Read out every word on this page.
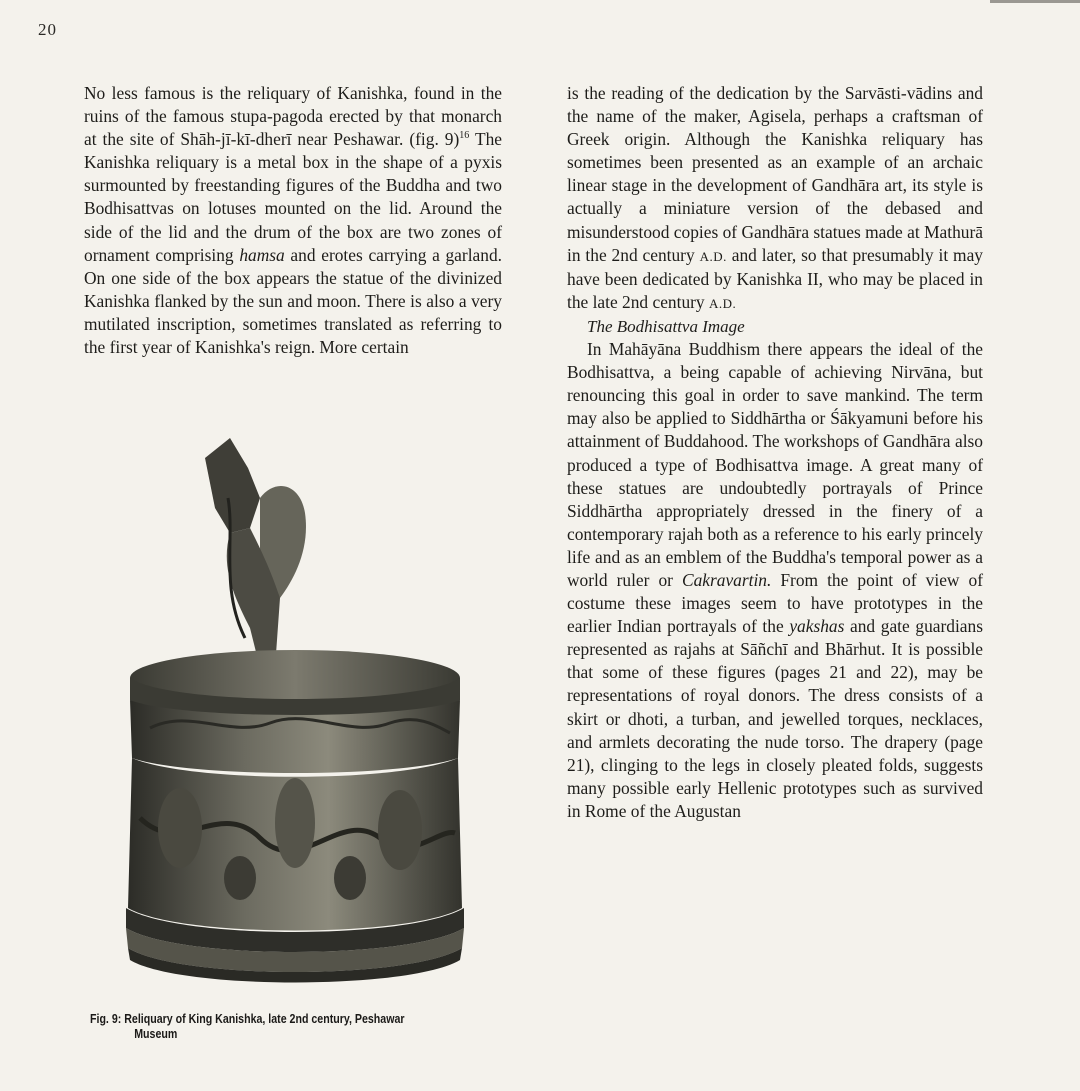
20

No less famous is the reliquary of Kanishka, found in the ruins of the famous stupa-pagoda erected by that monarch at the site of Shāh-jī-kī-dherī near Peshawar. (fig. 9)$^{16}$ The Kanishka reliquary is a metal box in the shape of a pyxis surmounted by freestanding figures of the Buddha and two Bodhisattvas on lotuses mounted on the lid. Around the side of the lid and the drum of the box are two zones of ornament comprising hamsa and erotes carrying a garland. On one side of the box appears the statue of the divinized Kanishka flanked by the sun and moon. There is also a very mutilated inscription, sometimes translated as referring to the first year of Kanishka's reign. More certain

Fig. 9: Reliquary of King Kanishka, late 2nd century, Peshawar
Museum

is the reading of the dedication by the Sarvāsti-vādins and the name of the maker, Agisela, perhaps a craftsman of Greek origin. Although the Kanishka reliquary has sometimes been presented as an example of an archaic linear stage in the development of Gandhāra art, its style is actually a miniature version of the debased and misunderstood copies of Gandhāra statues made at Mathurā in the 2nd century A.D. and later, so that presumably it may have been dedicated by Kanishka II, who may be placed in the late 2nd century A.D.

The Bodhisattva Image

In Mahāyāna Buddhism there appears the ideal of the Bodhisattva, a being capable of achieving Nirvāna, but renouncing this goal in order to save mankind. The term may also be applied to Siddhārtha or Śākyamuni before his attainment of Buddahood. The workshops of Gandhāra also produced a type of Bodhisattva image. A great many of these statues are undoubtedly portrayals of Prince Siddhārtha appropriately dressed in the finery of a contemporary rajah both as a reference to his early princely life and as an emblem of the Buddha's temporal power as a world ruler or Cakravartin. From the point of view of costume these images seem to have prototypes in the earlier Indian portrayals of the yakshas and gate guardians represented as rajahs at Sāñchī and Bhārhut. It is possible that some of these figures (pages 21 and 22), may be representations of royal donors. The dress consists of a skirt or dhoti, a turban, and jewelled torques, necklaces, and armlets decorating the nude torso. The drapery (page 21), clinging to the legs in closely pleated folds, suggests many possible early Hellenic prototypes such as survived in Rome of the Augustan
